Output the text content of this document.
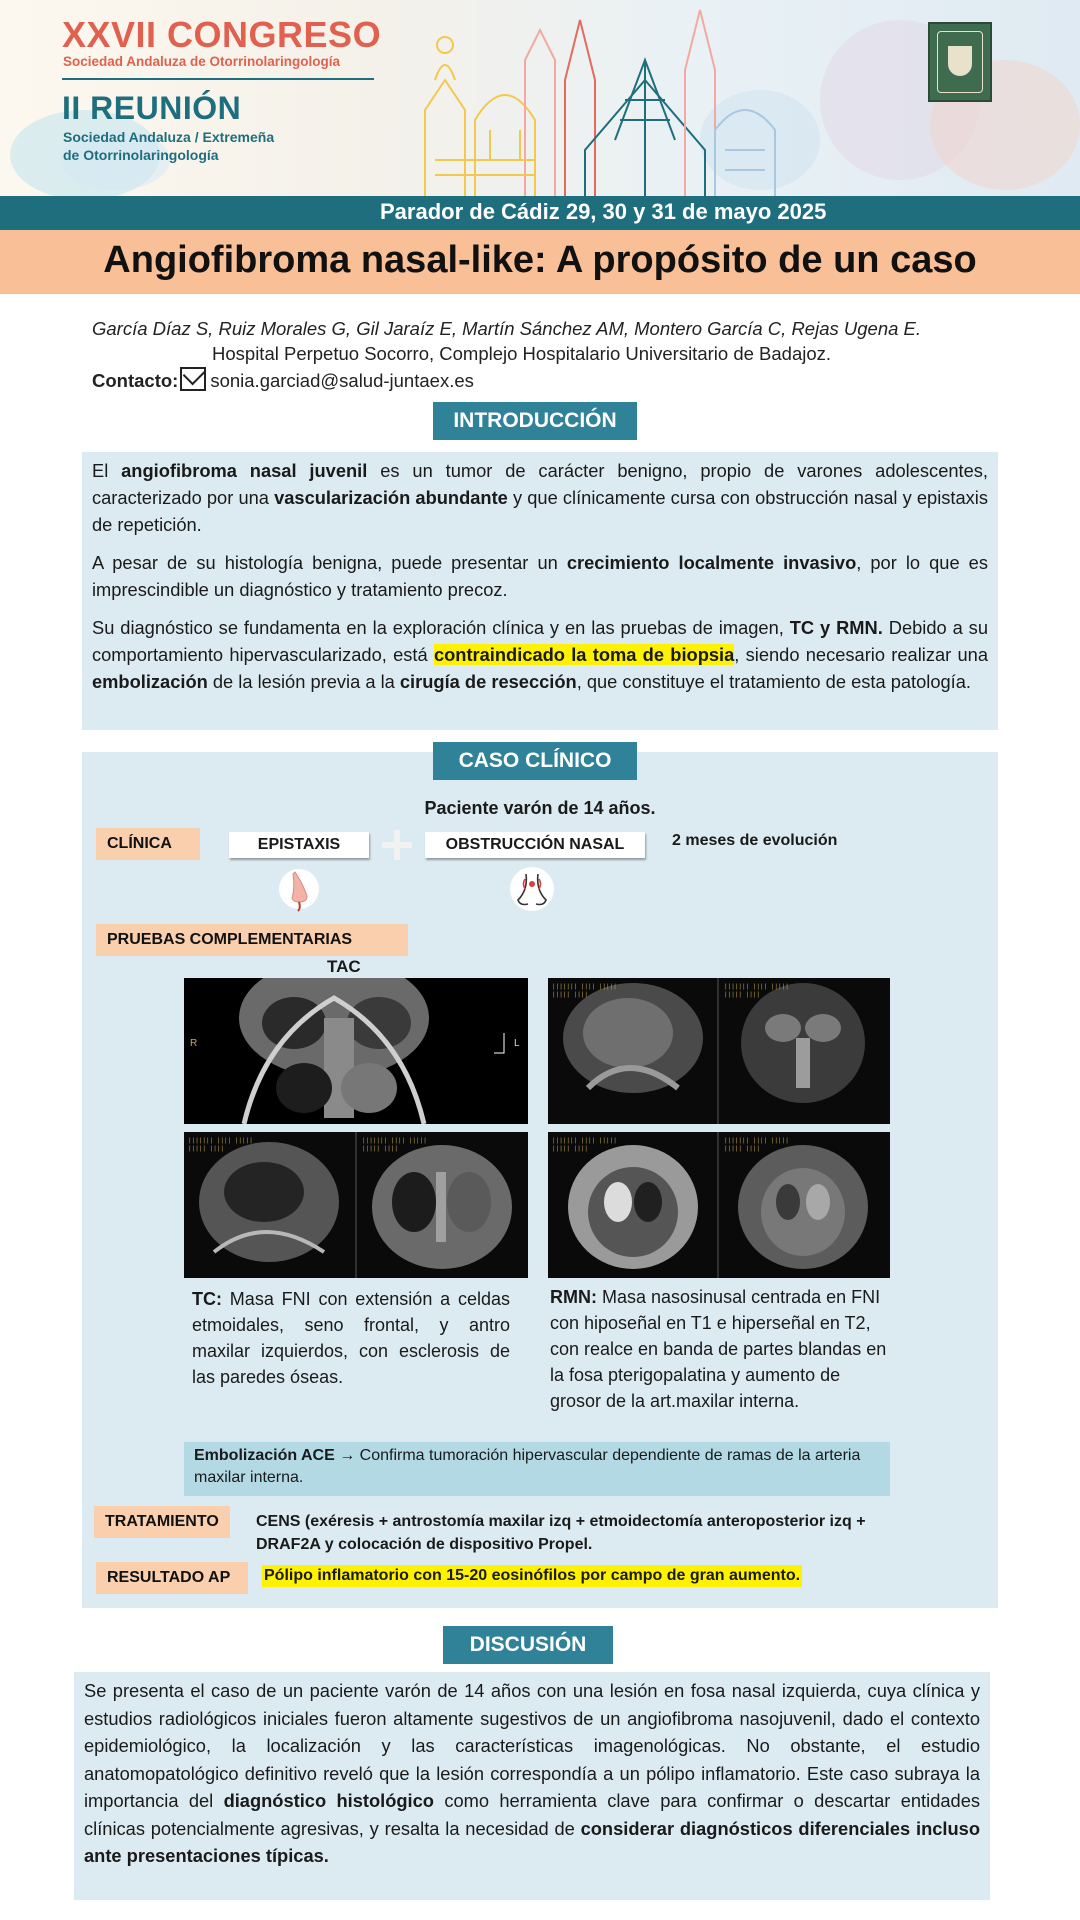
XXVII CONGRESO
Sociedad Andaluza de Otorrinolaringología
II REUNIÓN
Sociedad Andaluza / Extremeña
de Otorrinolaringología
Parador de Cádiz 29, 30 y 31 de mayo 2025
Angiofibroma nasal-like: A propósito de un caso
García Díaz S, Ruiz Morales G, Gil Jaraíz E, Martín Sánchez AM, Montero García C, Rejas Ugena E.
Hospital Perpetuo Socorro, Complejo Hospitalario Universitario de Badajoz.
Contacto: sonia.garciad@salud-juntaex.es
INTRODUCCIÓN

El angiofibroma nasal juvenil es un tumor de carácter benigno, propio de varones adolescentes, caracterizado por una vascularización abundante y que clínicamente cursa con obstrucción nasal y epistaxis de repetición.

A pesar de su histología benigna, puede presentar un crecimiento localmente invasivo, por lo que es imprescindible un diagnóstico y tratamiento precoz.

Su diagnóstico se fundamenta en la exploración clínica y en las pruebas de imagen, TC y RMN. Debido a su comportamiento hipervascularizado, está contraindicado la toma de biopsia, siendo necesario realizar una embolización de la lesión previa a la cirugía de resección, que constituye el tratamiento de esta patología.

Paciente varón de 14 años.
CLÍNICA	EPISTAXIS	OBSTRUCCIÓN NASAL	2 meses de evolución
PRUEBAS COMPLEMENTARIAS
TAC
R	L
||||||| |||| |||||
||||| ||||
||||||| |||| |||||
||||| ||||
||||||| |||| |||||
||||| ||||
||||||| |||| |||||
||||| ||||
||||||| |||| |||||
||||| ||||
||||||| |||| |||||
||||| ||||
TC: Masa FNI con extensión a celdas etmoidales, seno frontal, y antro maxilar izquierdos, con esclerosis de las paredes óseas.
RMN: Masa nasosinusal centrada en FNI con hiposeñal en T1 e hiperseñal en T2, con realce en banda de partes blandas en la fosa pterigopalatina y aumento de grosor de la art.maxilar interna.
Embolización ACE → Confirma tumoración hipervascular dependiente de ramas de la arteria maxilar interna.
TRATAMIENTO	CENS (exéresis + antrostomía maxilar izq + etmoidectomía anteroposterior izq + DRAF2A y colocación de dispositivo Propel.
RESULTADO AP	Pólipo inflamatorio con 15-20 eosinófilos por campo de gran aumento.
CASO CLÍNICO
DISCUSIÓN

Se presenta el caso de un paciente varón de 14 años con una lesión en fosa nasal izquierda, cuya clínica y estudios radiológicos iniciales fueron altamente sugestivos de un angiofibroma nasojuvenil, dado el contexto epidemiológico, la localización y las características imagenológicas. No obstante, el estudio anatomopatológico definitivo reveló que la lesión correspondía a un pólipo inflamatorio. Este caso subraya la importancia del diagnóstico histológico como herramienta clave para confirmar o descartar entidades clínicas potencialmente agresivas, y resalta la necesidad de considerar diagnósticos diferenciales incluso ante presentaciones típicas.
